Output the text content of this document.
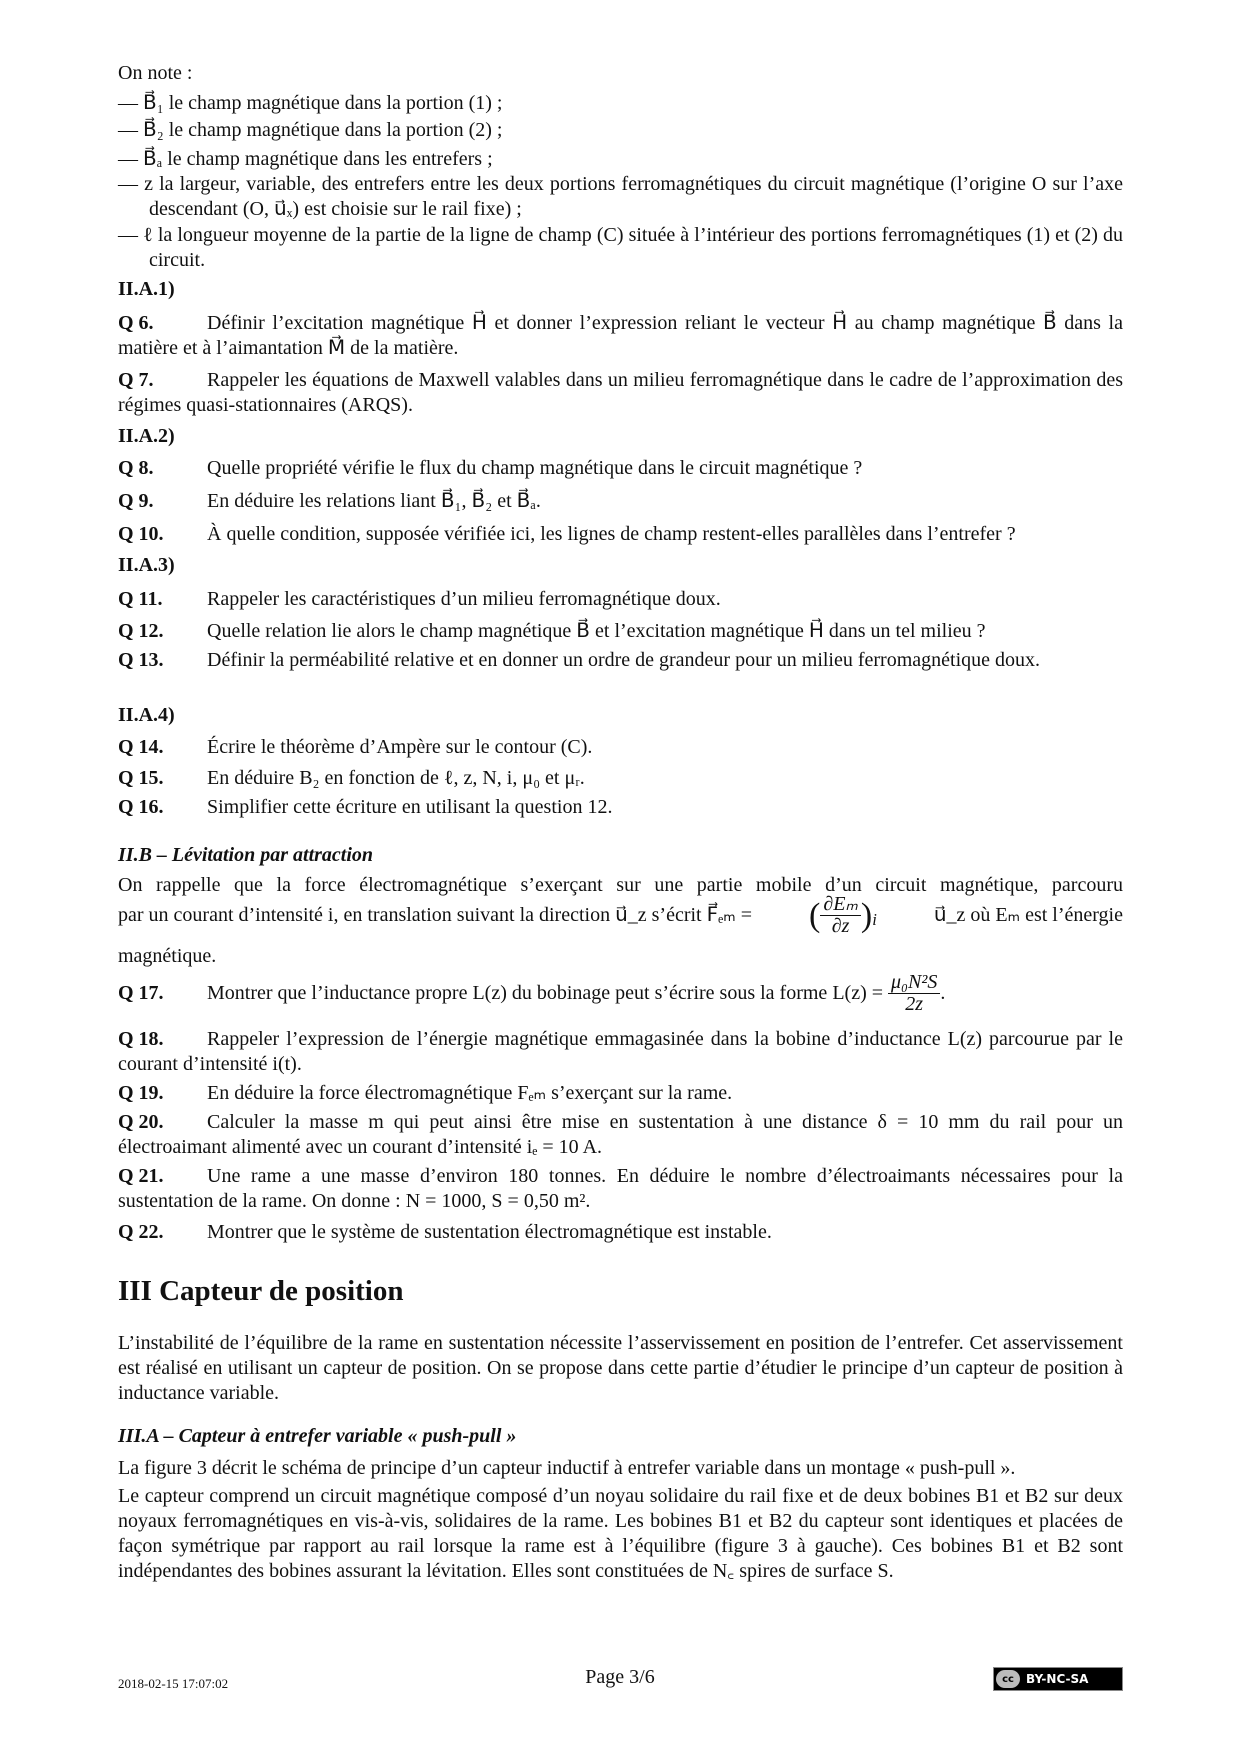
On note :
— B⃗₁ le champ magnétique dans la portion (1) ;
— B⃗₂ le champ magnétique dans la portion (2) ;
— B⃗ₐ le champ magnétique dans les entrefers ;
— z la largeur, variable, des entrefers entre les deux portions ferromagnétiques du circuit magnétique (l’origine O sur l’axe descendant (O, u⃗ₓ) est choisie sur le rail fixe) ;
— ℓ la longueur moyenne de la partie de la ligne de champ (C) située à l’intérieur des portions ferromagnétiques (1) et (2) du circuit.
II.A.1)
Q 6.	Définir l’excitation magnétique H⃗ et donner l’expression reliant le vecteur H⃗ au champ magnétique B⃗ dans la matière et à l’aimantation M⃗ de la matière.
Q 7.	Rappeler les équations de Maxwell valables dans un milieu ferromagnétique dans le cadre de l’approximation des régimes quasi-stationnaires (ARQS).
II.A.2)
Q 8.	Quelle propriété vérifie le flux du champ magnétique dans le circuit magnétique ?
Q 9.	En déduire les relations liant B⃗₁, B⃗₂ et B⃗ₐ.
Q 10. À quelle condition, supposée vérifiée ici, les lignes de champ restent-elles parallèles dans l’entrefer ?
II.A.3)
Q 11. Rappeler les caractéristiques d’un milieu ferromagnétique doux.
Q 12. Quelle relation lie alors le champ magnétique B⃗ et l’excitation magnétique H⃗ dans un tel milieu ?
Q 13. Définir la perméabilité relative et en donner un ordre de grandeur pour un milieu ferromagnétique doux.
II.A.4)
Q 14. Écrire le théorème d’Ampère sur le contour (C).
Q 15. En déduire B₂ en fonction de ℓ, z, N, i, μ₀ et μᵣ.
Q 16. Simplifier cette écriture en utilisant la question 12.
II.B – Lévitation par attraction
On rappelle que la force électromagnétique s’exerçant sur une partie mobile d’un circuit magnétique, parcouru
par un courant d’intensité i, en translation suivant la direction u⃗_z s’écrit F⃗ₑₘ = ( $\frac{\text{∂Eₘ}}{\partial z} )_i$	u⃗_z où Eₘ est l’énergie
magnétique.
Q 17.	Montrer que l’inductance propre L(z) du bobinage peut s’écrire sous la forme L(z) =
$\frac{\text{μ₀N²S}}{2z}$ .
Q 18. Rappeler l’expression de l’énergie magnétique emmagasinée dans la bobine d’inductance L(z) parcourue par le courant d’intensité i(t).
Q 19. En déduire la force électromagnétique Fₑₘ s’exerçant sur la rame.
Q 20. Calculer la masse m qui peut ainsi être mise en sustentation à une distance δ = 10 mm du rail pour un électroaimant alimenté avec un courant d’intensité iₑ = 10 A.
Q 21. Une rame a une masse d’environ 180 tonnes. En déduire le nombre d’électroaimants nécessaires pour la sustentation de la rame. On donne : N = 1000, S = 0,50 m².
Q 22. Montrer que le système de sustentation électromagnétique est instable.
III Capteur de position
L’instabilité de l’équilibre de la rame en sustentation nécessite l’asservissement en position de l’entrefer. Cet asservissement est réalisé en utilisant un capteur de position. On se propose dans cette partie d’étudier le principe d’un capteur de position à inductance variable.
III.A – Capteur à entrefer variable « push-pull »
La figure 3 décrit le schéma de principe d’un capteur inductif à entrefer variable dans un montage « push-pull ».
Le capteur comprend un circuit magnétique composé d’un noyau solidaire du rail fixe et de deux bobines B1 et B2 sur deux noyaux ferromagnétiques en vis-à-vis, solidaires de la rame. Les bobines B1 et B2 du capteur sont identiques et placées de façon symétrique par rapport au rail lorsque la rame est à l’équilibre (figure 3 à gauche). Ces bobines B1 et B2 sont indépendantes des bobines assurant la lévitation. Elles sont constituées de N꜀ spires de surface S.
2018-02-15 17:07:02	Page 3/6	cc	BY-NC-SA
